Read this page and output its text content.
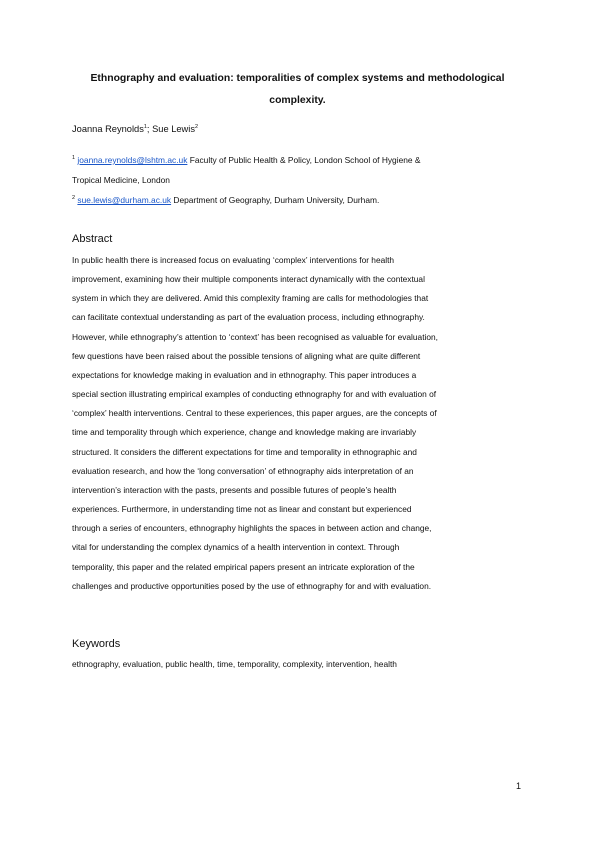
Ethnography and evaluation: temporalities of complex systems and methodological
complexity.
Joanna Reynolds$^1$; Sue Lewis$^2$
$^1$ joanna.reynolds@lshtm.ac.uk Faculty of Public Health & Policy, London School of Hygiene &
Tropical Medicine, London
$^2$ sue.lewis@durham.ac.uk Department of Geography, Durham University, Durham.
Abstract
In public health there is increased focus on evaluating ‘complex’ interventions for health
improvement, examining how their multiple components interact dynamically with the contextual
system in which they are delivered. Amid this complexity framing are calls for methodologies that
can facilitate contextual understanding as part of the evaluation process, including ethnography.
However, while ethnography’s attention to ‘context’ has been recognised as valuable for evaluation,
few questions have been raised about the possible tensions of aligning what are quite different
expectations for knowledge making in evaluation and in ethnography. This paper introduces a
special section illustrating empirical examples of conducting ethnography for and with evaluation of
‘complex’ health interventions. Central to these experiences, this paper argues, are the concepts of
time and temporality through which experience, change and knowledge making are invariably
structured. It considers the different expectations for time and temporality in ethnographic and
evaluation research, and how the ‘long conversation’ of ethnography aids interpretation of an
intervention’s interaction with the pasts, presents and possible futures of people’s health
experiences. Furthermore, in understanding time not as linear and constant but experienced
through a series of encounters, ethnography highlights the spaces in between action and change,
vital for understanding the complex dynamics of a health intervention in context. Through
temporality, this paper and the related empirical papers present an intricate exploration of the
challenges and productive opportunities posed by the use of ethnography for and with evaluation.
Keywords
ethnography, evaluation, public health, time, temporality, complexity, intervention, health
1
